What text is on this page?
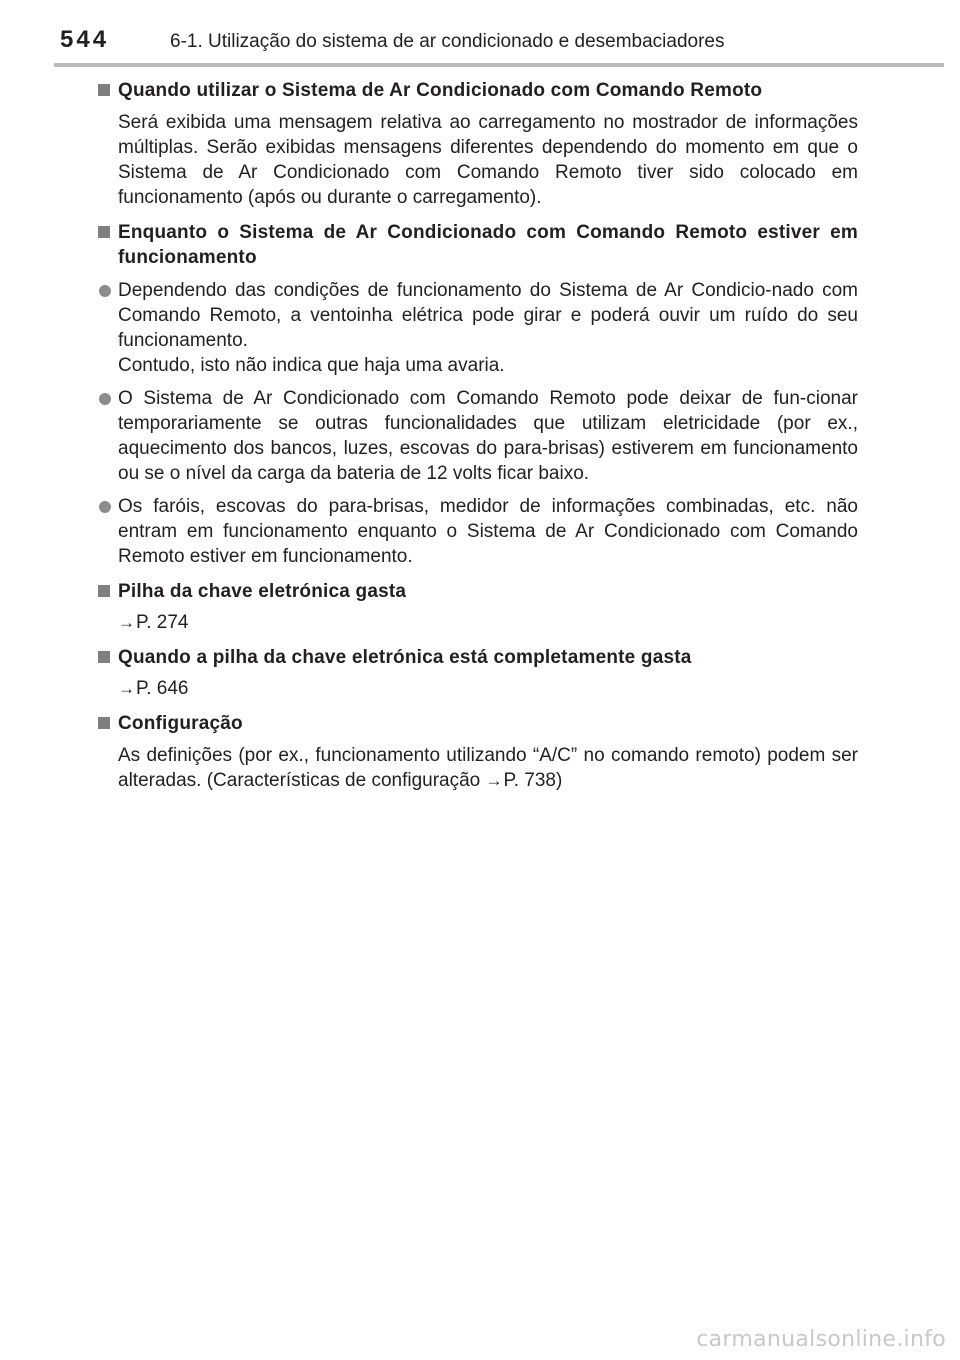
544	6-1. Utilização do sistema de ar condicionado e desembaciadores
Quando utilizar o Sistema de Ar Condicionado com Comando Remoto
Será exibida uma mensagem relativa ao carregamento no mostrador de informações múltiplas. Serão exibidas mensagens diferentes dependendo do momento em que o Sistema de Ar Condicionado com Comando Remoto tiver sido colocado em funcionamento (após ou durante o carregamento).
Enquanto o Sistema de Ar Condicionado com Comando Remoto estiver em funcionamento
Dependendo das condições de funcionamento do Sistema de Ar Condicio-nado com Comando Remoto, a ventoinha elétrica pode girar e poderá ouvir um ruído do seu funcionamento.
Contudo, isto não indica que haja uma avaria.
O Sistema de Ar Condicionado com Comando Remoto pode deixar de fun-cionar temporariamente se outras funcionalidades que utilizam eletricidade (por ex., aquecimento dos bancos, luzes, escovas do para-brisas) estiverem em funcionamento ou se o nível da carga da bateria de 12 volts ficar baixo.
Os faróis, escovas do para-brisas, medidor de informações combinadas, etc. não entram em funcionamento enquanto o Sistema de Ar Condicionado com Comando Remoto estiver em funcionamento.
Pilha da chave eletrónica gasta
→P. 274
Quando a pilha da chave eletrónica está completamente gasta
→P. 646
Configuração
As definições (por ex., funcionamento utilizando “A/C” no comando remoto) podem ser alteradas. (Características de configuração →P. 738)
carmanualsonline.info
